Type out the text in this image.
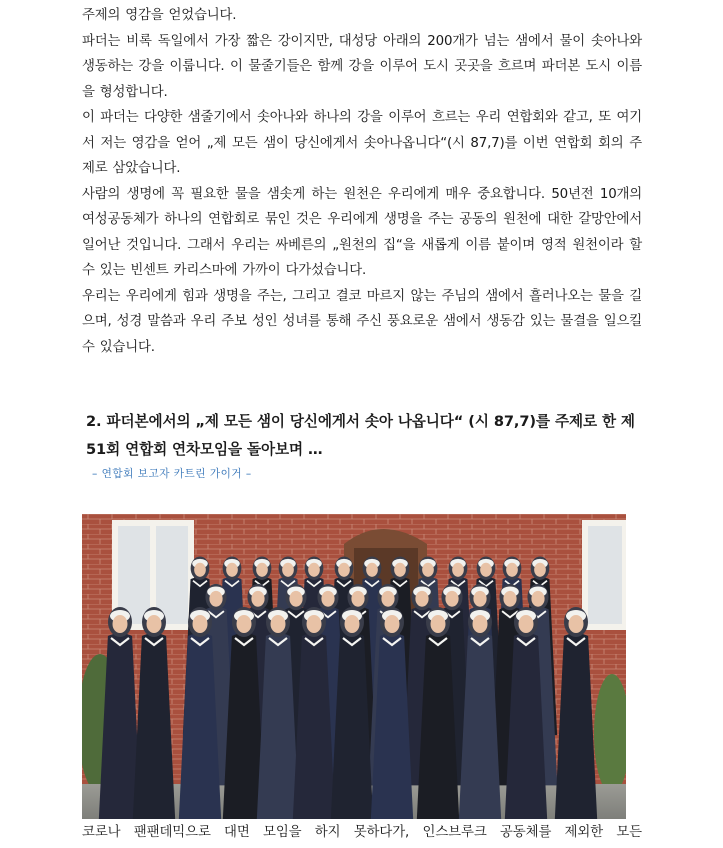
주제의 영감을 얻었습니다.

파더는 비록 독일에서 가장 짧은 강이지만, 대성당 아래의 200개가 넘는 샘에서 물이 솟아나와 생동하는 강을 이룹니다. 이 물줄기들은 함께 강을 이루어 도시 곳곳을 흐르며 파더본 도시 이름을 형성합니다.

이 파더는 다양한 샘줄기에서 솟아나와 하나의 강을 이루어 흐르는 우리 연합회와 같고, 또 여기서 저는 영감을 얻어 „제 모든 샘이 당신에게서 솟아나옵니다“(시 87,7)를 이번 연합회 회의 주제로 삼았습니다.

사람의 생명에 꼭 필요한 물을 샘솟게 하는 원천은 우리에게 매우 중요합니다. 50년전 10개의 여성공동체가 하나의 연합회로 묶인 것은 우리에게 생명을 주는 공동의 원천에 대한 갈망안에서 일어난 것입니다. 그래서 우리는 싸베른의 „원천의 집“을 새롭게 이름 붙이며 영적 원천이라 할 수 있는 빈센트 카리스마에 가까이 다가섰습니다.

우리는 우리에게 힘과 생명을 주는, 그리고 결코 마르지 않는 주님의 샘에서 흘러나오는 물을 길으며, 성경 말씀과 우리 주보 성인 성녀를 통해 주신 풍요로운 샘에서 생동감 있는 물결을 일으킬 수 있습니다.

2. 파더본에서의 „제 모든 샘이 당신에게서 솟아 나옵니다“ (시 87,7)를 주제로 한 제 51회 연합회 연차모임을 돌아보며 …

– 연합회 보고자 카트린 가이거 –

코로나 팬팬데믹으로 대면 모임을 하지 못하다가, 인스브루크 공동체를 제외한 모든
